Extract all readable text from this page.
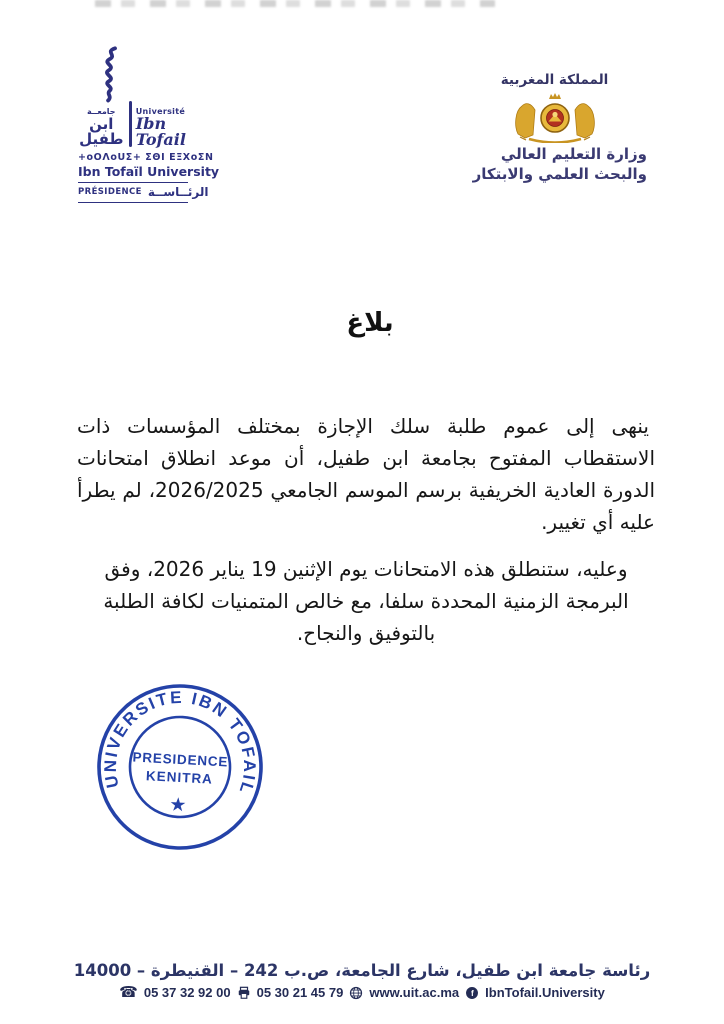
جامعــة
ابن طفيل
Université
Ibn Tofail
+oOΛoUΣ+ ΣΘΙ ΕΞΧoΣΝ
Ibn Tofaïl University
PRÉSIDENCE الرئــاســة
المملكة المغربية
وزارة التعليم العالي
والبحث العلمي والابتكار
بلاغ

ينهى إلى عموم طلبة سلك الإجازة بمختلف المؤسسات ذات الاستقطاب المفتوح بجامعة ابن طفيل، أن موعد انطلاق امتحانات الدورة العادية الخريفية برسم الموسم الجامعي 2026/2025، لم يطرأ عليه أي تغيير.

وعليه، ستنطلق هذه الامتحانات يوم الإثنين 19 يناير 2026، وفق البرمجة الزمنية المحددة سلفا، مع خالص المتمنيات لكافة الطلبة بالتوفيق والنجاح.

UNIVERSITE IBN TOFAIL
PRESIDENCE
KENITRA
★
رئاسة جامعة ابن طفيل، شارع الجامعة، ص.ب 242 – القنيطرة – 14000
☎ 05 37 32 92 00 05 30 21 45 79 www.uit.ac.ma f IbnTofail.University
